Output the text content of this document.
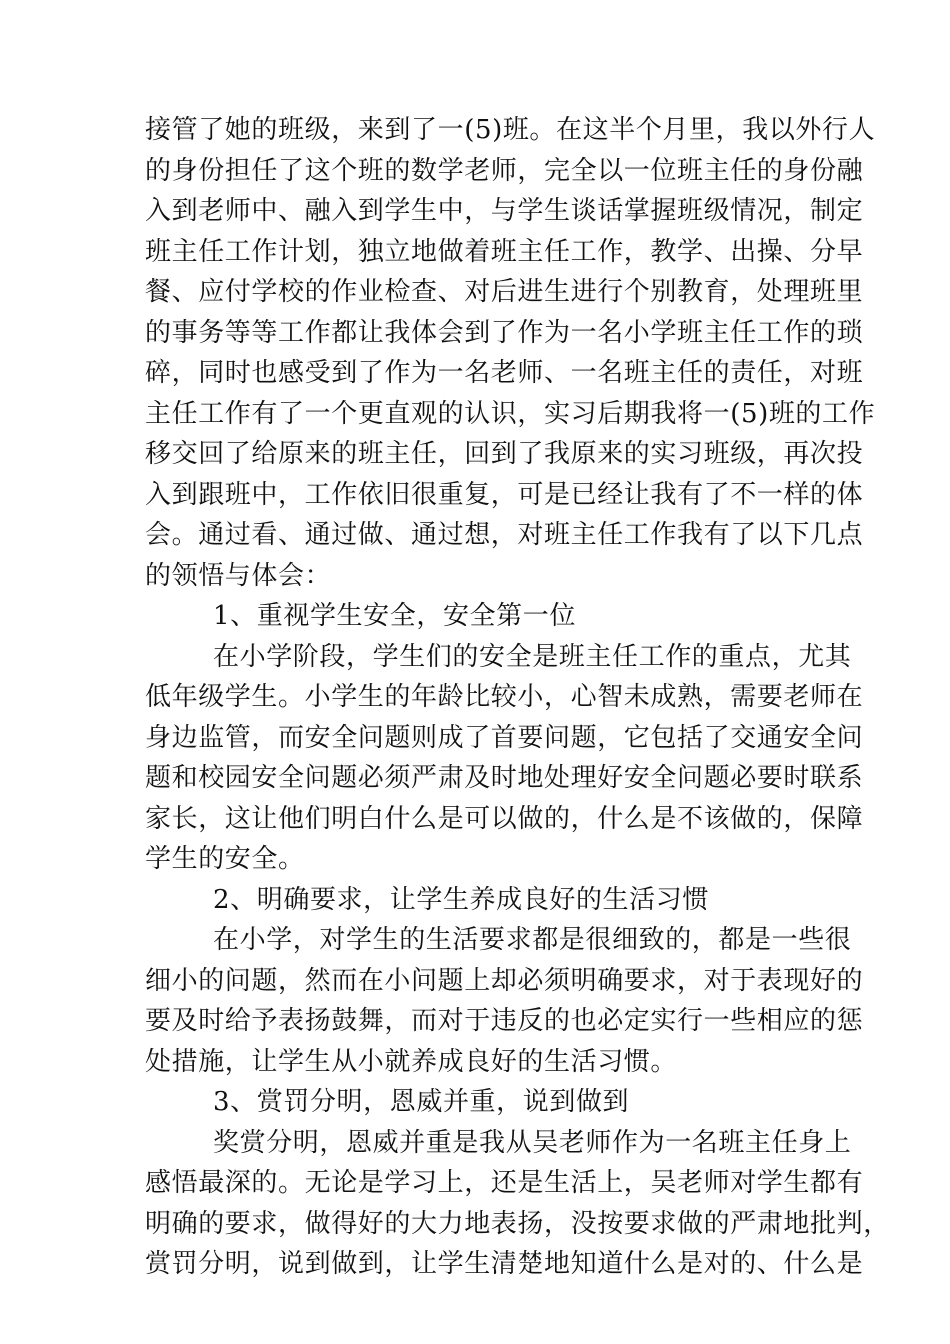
接管了她的班级，来到了一(5)班。在这半个月里，我以外行人
的身份担任了这个班的数学老师，完全以一位班主任的身份融
入到老师中、融入到学生中，与学生谈话掌握班级情况，制定
班主任工作计划，独立地做着班主任工作，教学、出操、分早
餐、应付学校的作业检查、对后进生进行个别教育，处理班里
的事务等等工作都让我体会到了作为一名小学班主任工作的琐
碎，同时也感受到了作为一名老师、一名班主任的责任，对班
主任工作有了一个更直观的认识，实习后期我将一(5)班的工作
移交回了给原来的班主任，回到了我原来的实习班级，再次投
入到跟班中，工作依旧很重复，可是已经让我有了不一样的体
会。通过看、通过做、通过想，对班主任工作我有了以下几点
的领悟与体会：
1、重视学生安全，安全第一位
在小学阶段，学生们的安全是班主任工作的重点，尤其
低年级学生。小学生的年龄比较小，心智未成熟，需要老师在
身边监管，而安全问题则成了首要问题，它包括了交通安全问
题和校园安全问题必须严肃及时地处理好安全问题必要时联系
家长，这让他们明白什么是可以做的，什么是不该做的，保障
学生的安全。
2、明确要求，让学生养成良好的生活习惯
在小学，对学生的生活要求都是很细致的，都是一些很
细小的问题，然而在小问题上却必须明确要求，对于表现好的
要及时给予表扬鼓舞，而对于违反的也必定实行一些相应的惩
处措施，让学生从小就养成良好的生活习惯。
3、赏罚分明，恩威并重，说到做到
奖赏分明，恩威并重是我从吴老师作为一名班主任身上
感悟最深的。无论是学习上，还是生活上，吴老师对学生都有
明确的要求，做得好的大力地表扬，没按要求做的严肃地批判，
赏罚分明，说到做到，让学生清楚地知道什么是对的、什么是
